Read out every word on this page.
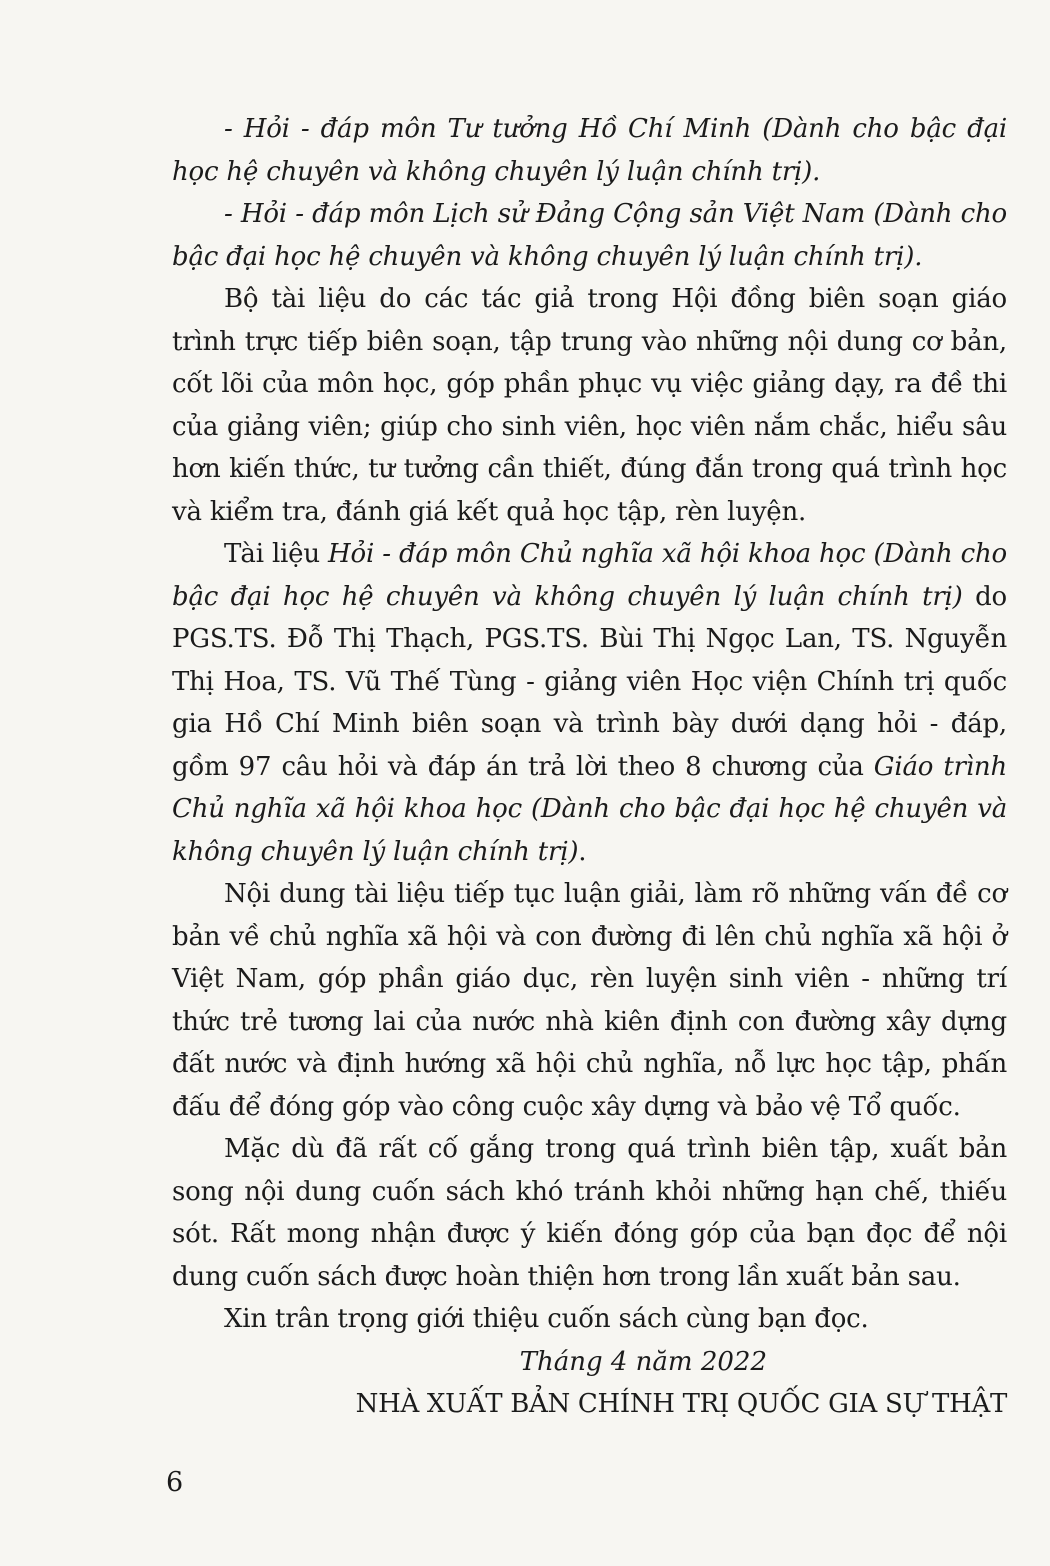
- Hỏi - đáp môn Tư tưởng Hồ Chí Minh (Dành cho bậc đại học hệ chuyên và không chuyên lý luận chính trị).

- Hỏi - đáp môn Lịch sử Đảng Cộng sản Việt Nam (Dành cho bậc đại học hệ chuyên và không chuyên lý luận chính trị).

Bộ tài liệu do các tác giả trong Hội đồng biên soạn giáo trình trực tiếp biên soạn, tập trung vào những nội dung cơ bản, cốt lõi của môn học, góp phần phục vụ việc giảng dạy, ra đề thi của giảng viên; giúp cho sinh viên, học viên nắm chắc, hiểu sâu hơn kiến thức, tư tưởng cần thiết, đúng đắn trong quá trình học và kiểm tra, đánh giá kết quả học tập, rèn luyện.

Tài liệu Hỏi - đáp môn Chủ nghĩa xã hội khoa học (Dành cho bậc đại học hệ chuyên và không chuyên lý luận chính trị) do PGS.TS. Đỗ Thị Thạch, PGS.TS. Bùi Thị Ngọc Lan, TS. Nguyễn Thị Hoa, TS. Vũ Thế Tùng - giảng viên Học viện Chính trị quốc gia Hồ Chí Minh biên soạn và trình bày dưới dạng hỏi - đáp, gồm 97 câu hỏi và đáp án trả lời theo 8 chương của Giáo trình Chủ nghĩa xã hội khoa học (Dành cho bậc đại học hệ chuyên và không chuyên lý luận chính trị).

Nội dung tài liệu tiếp tục luận giải, làm rõ những vấn đề cơ bản về chủ nghĩa xã hội và con đường đi lên chủ nghĩa xã hội ở Việt Nam, góp phần giáo dục, rèn luyện sinh viên - những trí thức trẻ tương lai của nước nhà kiên định con đường xây dựng đất nước và định hướng xã hội chủ nghĩa, nỗ lực học tập, phấn đấu để đóng góp vào công cuộc xây dựng và bảo vệ Tổ quốc.

Mặc dù đã rất cố gắng trong quá trình biên tập, xuất bản song nội dung cuốn sách khó tránh khỏi những hạn chế, thiếu sót. Rất mong nhận được ý kiến đóng góp của bạn đọc để nội dung cuốn sách được hoàn thiện hơn trong lần xuất bản sau.

Xin trân trọng giới thiệu cuốn sách cùng bạn đọc.

Tháng 4 năm 2022

NHÀ XUẤT BẢN CHÍNH TRỊ QUỐC GIA SỰ THẬT

6
